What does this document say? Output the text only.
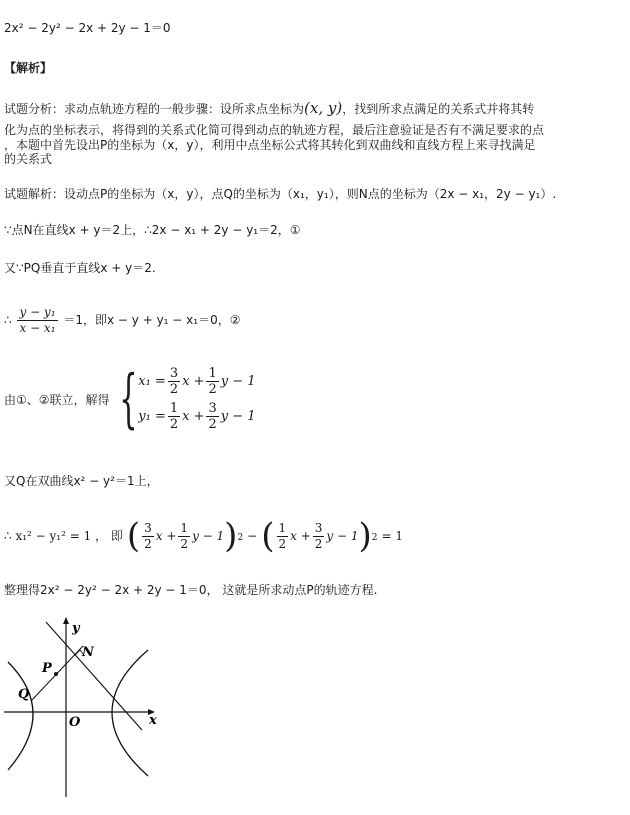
2x² − 2y² − 2x + 2y − 1＝0
【解析】
试题分析：求动点轨迹方程的一般步骤：设所求点坐标为(x, y)，找到所求点满足的关系式并将其转
化为点的坐标表示，将得到的关系式化简可得到动点的轨迹方程，最后注意验证是否有不满足要求的点
，本题中首先设出P的坐标为（x，y），利用中点坐标公式将其转化到双曲线和直线方程上来寻找满足
的关系式
试题解析：设动点P的坐标为（x，y），点Q的坐标为（x₁，y₁），则N点的坐标为（2x − x₁，2y − y₁）.
∵点N在直线x + y＝2上，∴2x − x₁ + 2y − y₁＝2，①
又∵PQ垂直于直线x + y＝2.
∴ $\frac{\text{y − y₁}}{\text{x − x₁}} =1$，即x − y + y₁ − x₁＝0，②
由①、②联立，解得 { $x_1 = \frac{3}{2}$ $x + \frac{1}{2}$ y − 1
$y_1 = \frac{1}{2}$ $x + \frac{3}{2}$ y − 1
又Q在双曲线x² − y²＝1上，
∴ x₁² − y₁² = 1 ， 即 ( $\frac{3}{2}$ $x + \frac{1}{2}$ y − 1 ) 2 − ( $\frac{1}{2}$ $x + \frac{3}{2}$ y − 1 ) 2 = 1
整理得2x² − 2y² − 2x + 2y − 1＝0， 这就是所求动点P的轨迹方程.
y
x
O
N
P
Q
